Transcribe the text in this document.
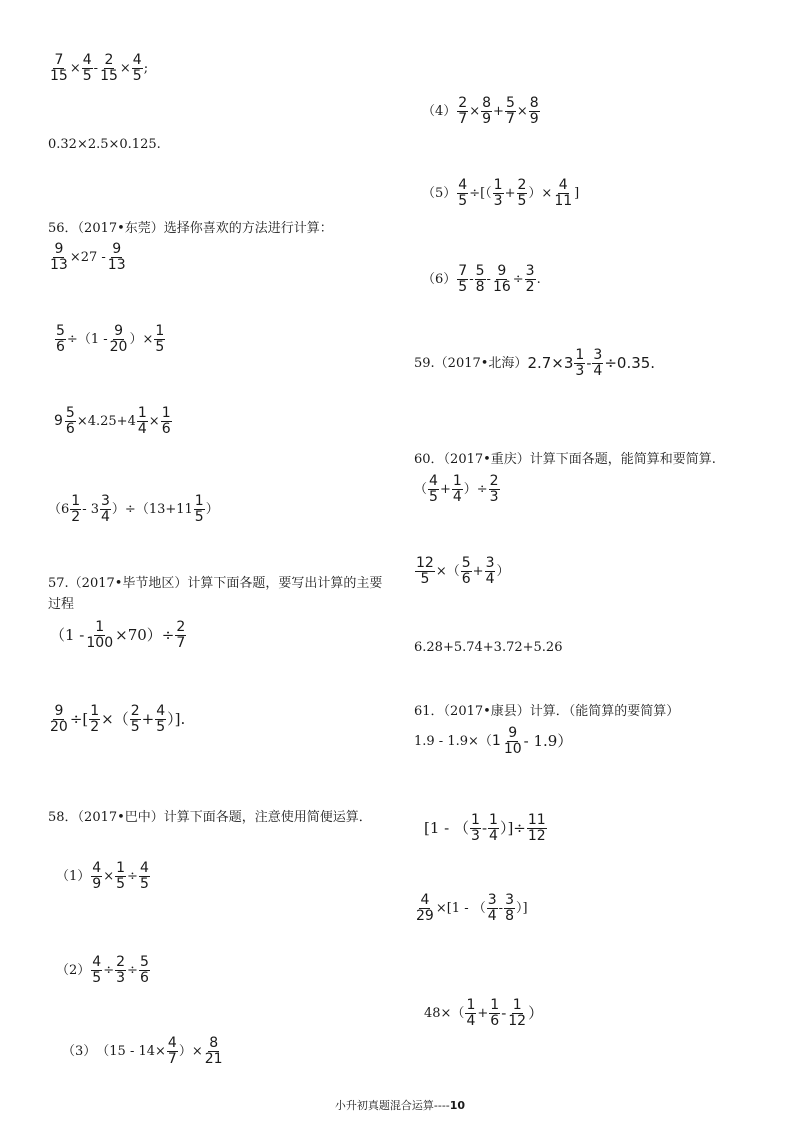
$\frac{7}{15} \times \frac{4}{5} - \frac{2}{15} \times \frac{4}{5}$ ;
0.32×2.5×0.125.
56．（2017•东莞）选择你喜欢的方法进行计算：
$\frac{9}{13} \times 27$ -
9
13
$\frac{5}{6} \div(1$ -
9
20 ）× $\frac{1}{5}$
9
5
$6 \times 4.25+4 \frac{1}{4} \times \frac{1}{6}$
（6
1
2 - 3
3
4 ）÷（13+11
1
5 ）
57.（2017•毕节地区）计算下面各题，要写出计算的主要
过程
$(1 - \frac{1}{100} \times 70)\div \frac{2}{7}$
$\frac{9}{20}$ ÷[ $\frac{1}{2}$ ×（ 2
$5 + \frac{4}{5}$ ）].
58．（2017•巴中）计算下面各题，注意使用简便运算．
$(1) \frac{4}{9} \times \frac{1}{5} \div \frac{4}{5}$
$(2) \frac{4}{5} \div \frac{2}{3} \div \frac{5}{6}$
（3） （$15 - 14\times \frac{4}{7}$ ）× $\frac{8}{21}$
$(4) \frac{2}{7} \times \frac{8}{9} + \frac{5}{7} \times \frac{8}{9}$
$(5) \frac{4}{5}$ ÷[（
1
$3 + \frac{2}{5}$ ）× $\frac{4}{11}$ ]
（6）
7
5 -
5
$8 - \frac{9}{16} \div \frac{3}{2}$ .
59.（2017•北海） 2.7×3 1
$3 - \frac{3}{4} \div 0.35$.
60．（2017•重庆）计算下面各题，能简算和要简算.
（
4
$5 + \frac{1}{4}$ ）÷ $\frac{2}{3}$
$\frac{12}{5}$ ×（
5
$6 + \frac{3}{4}$ ）
6.28+5.74+3.72+5.26
61．（2017•康县）计算．（能简算的要简算）
1.9 - 1.9×（ 1
9
10 - 1.9）
[1 - （ 1
3 - 1
4 ）]÷ $\frac{11}{12}$
$\frac{4}{29} \times[1$ - （
3
4 -
3
8 ）]
48×（
1
$4 + \frac{1}{6} - 1$
12 ）
小升初真题混合运算----10
